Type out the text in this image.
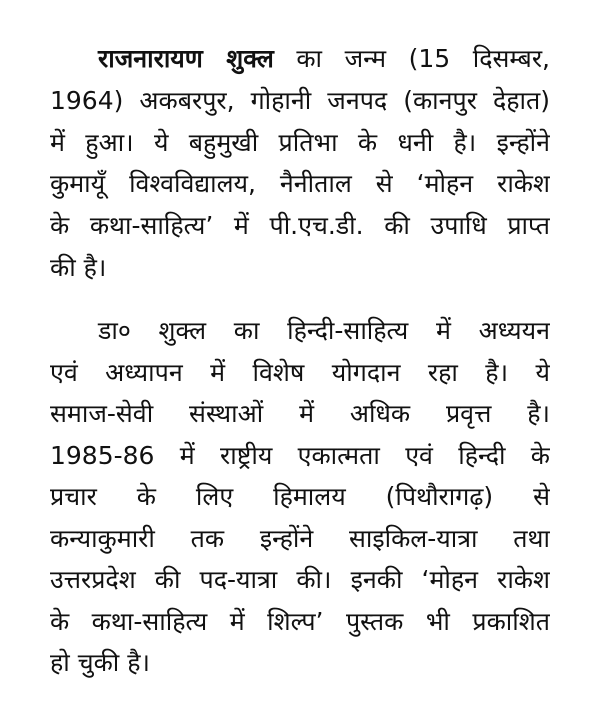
राजनारायण शुक्ल का जन्म (15 दिसम्बर,
1964) अकबरपुर, गोहानी जनपद (कानपुर देहात)
में हुआ। ये बहुमुखी प्रतिभा के धनी है। इन्होंने
कुमायूँ विश्वविद्यालय, नैनीताल से ‘मोहन राकेश
के कथा-साहित्य’ में पी.एच.डी. की उपाधि प्राप्त
की है।
डा० शुक्ल का हिन्दी-साहित्य में अध्ययन
एवं अध्यापन में विशेष योगदान रहा है। ये
समाज-सेवी संस्थाओं में अधिक प्रवृत्त है।
1985-86 में राष्ट्रीय एकात्मता एवं हिन्दी के
प्रचार के लिए हिमालय (पिथौरागढ़) से
कन्याकुमारी तक इन्होंने साइकिल-यात्रा तथा
उत्तरप्रदेश की पद-यात्रा की। इनकी ‘मोहन राकेश
के कथा-साहित्य में शिल्प’ पुस्तक भी प्रकाशित
हो चुकी है।
